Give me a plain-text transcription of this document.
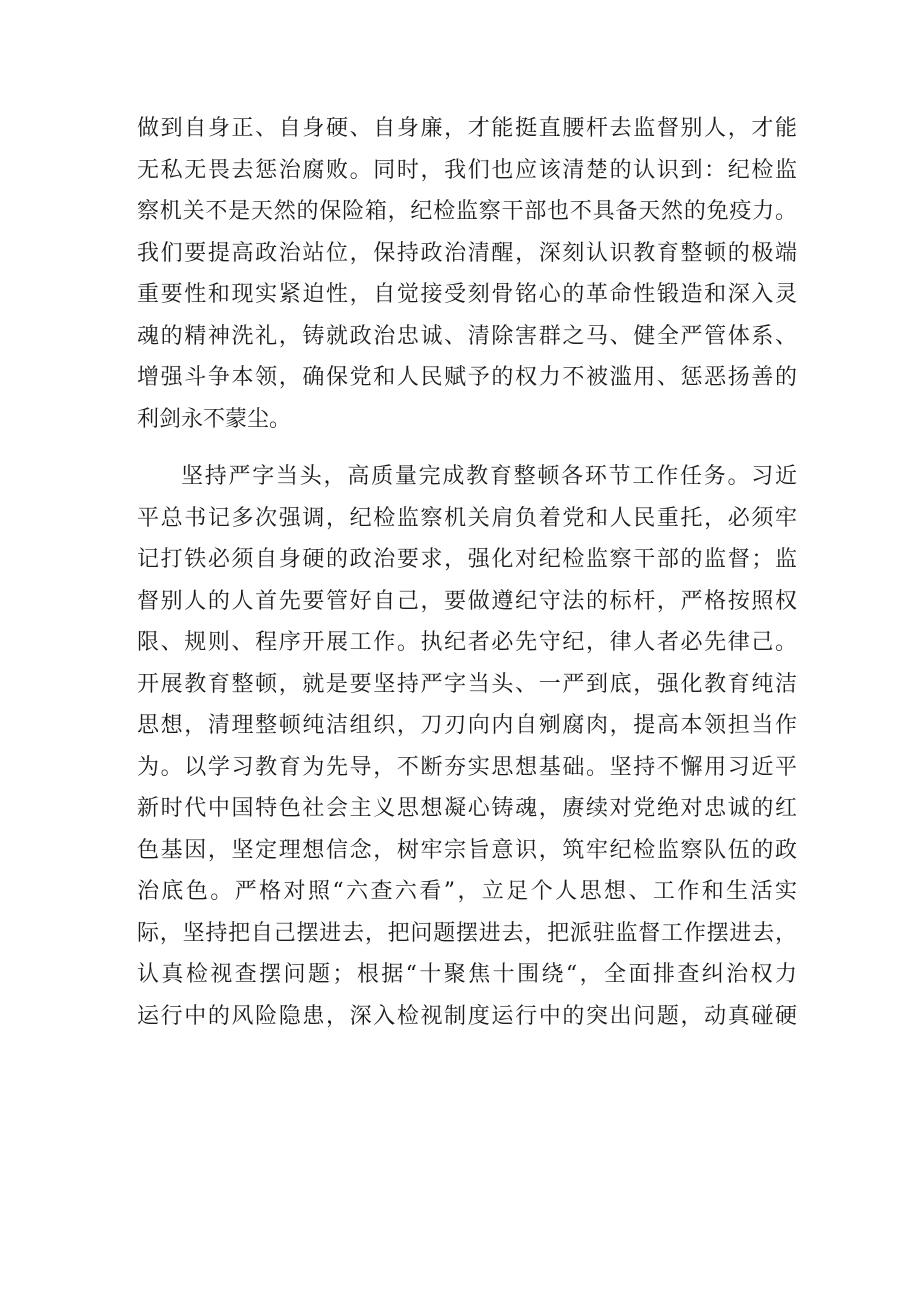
做到自身正、自身硬、自身廉，才能挺直腰杆去监督别人，才能
无私无畏去惩治腐败。同时，我们也应该清楚的认识到：纪检监
察机关不是天然的保险箱，纪检监察干部也不具备天然的免疫力。
我们要提高政治站位，保持政治清醒，深刻认识教育整顿的极端
重要性和现实紧迫性，自觉接受刻骨铭心的革命性锻造和深入灵
魂的精神洗礼，铸就政治忠诚、清除害群之马、健全严管体系、
增强斗争本领，确保党和人民赋予的权力不被滥用、惩恶扬善的
利剑永不蒙尘。
坚持严字当头，高质量完成教育整顿各环节工作任务。习近
平总书记多次强调，纪检监察机关肩负着党和人民重托，必须牢
记打铁必须自身硬的政治要求，强化对纪检监察干部的监督；监
督别人的人首先要管好自己，要做遵纪守法的标杆，严格按照权
限、规则、程序开展工作。执纪者必先守纪，律人者必先律己。
开展教育整顿，就是要坚持严字当头、一严到底，强化教育纯洁
思想，清理整顿纯洁组织，刀刃向内自剜腐肉，提高本领担当作
为。以学习教育为先导，不断夯实思想基础。坚持不懈用习近平
新时代中国特色社会主义思想凝心铸魂，赓续对党绝对忠诚的红
色基因，坚定理想信念，树牢宗旨意识，筑牢纪检监察队伍的政
治底色。严格对照“六查六看”，立足个人思想、工作和生活实
际，坚持把自己摆进去，把问题摆进去，把派驻监督工作摆进去，
认真检视查摆问题；根据“十聚焦十围绕“，全面排查纠治权力
运行中的风险隐患，深入检视制度运行中的突出问题，动真碰硬
